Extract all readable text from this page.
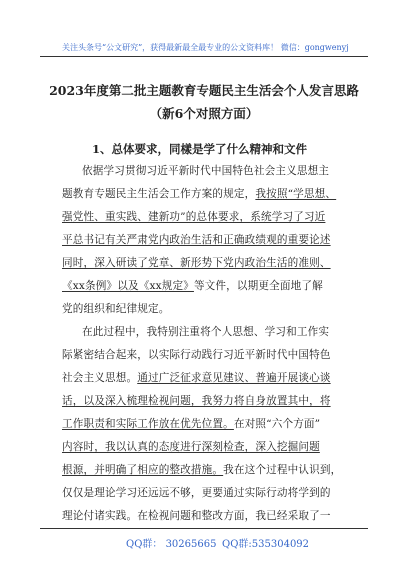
关注头条号“公文研究”，获得最新最全最专业的公文资料库！ 微信：gongwenyj
2023年度第二批主题教育专题民主生活会个人发言思路
（新6个对照方面）
1、总体要求，同樣是学了什么精神和文件
依据学习贯彻习近平新时代中国特色社会主义思想主
题教育专题民主生活会工作方案的规定，我按照“学思想、
强党性、重实践、建新功”的总体要求，系统学习了习近
平总书记有关严肃党内政治生活和正确政绩观的重要论述
同时，深入研读了党章、新形势下党内政治生活的准则、
《xx条例》以及《xx规定》等文件，以期更全面地了解
党的组织和纪律规定。
在此过程中，我特别注重将个人思想、学习和工作实
际紧密结合起来，以实际行动践行习近平新时代中国特色
社会主义思想。通过广泛征求意见建议、普遍开展谈心谈
话，以及深入梳理检视问题，我努力将自身放置其中，将
工作职责和实际工作放在优先位置。在对照“六个方面”
内容时，我以认真的态度进行深刻检查，深入挖掘问题
根源，并明确了相应的整改措施。我在这个过程中认识到，
仅仅是理论学习还远远不够，更要通过实际行动将学到的
理论付诸实践。在检视问题和整改方面，我已经采取了一
QQ群： 30265665 QQ群:535304092
